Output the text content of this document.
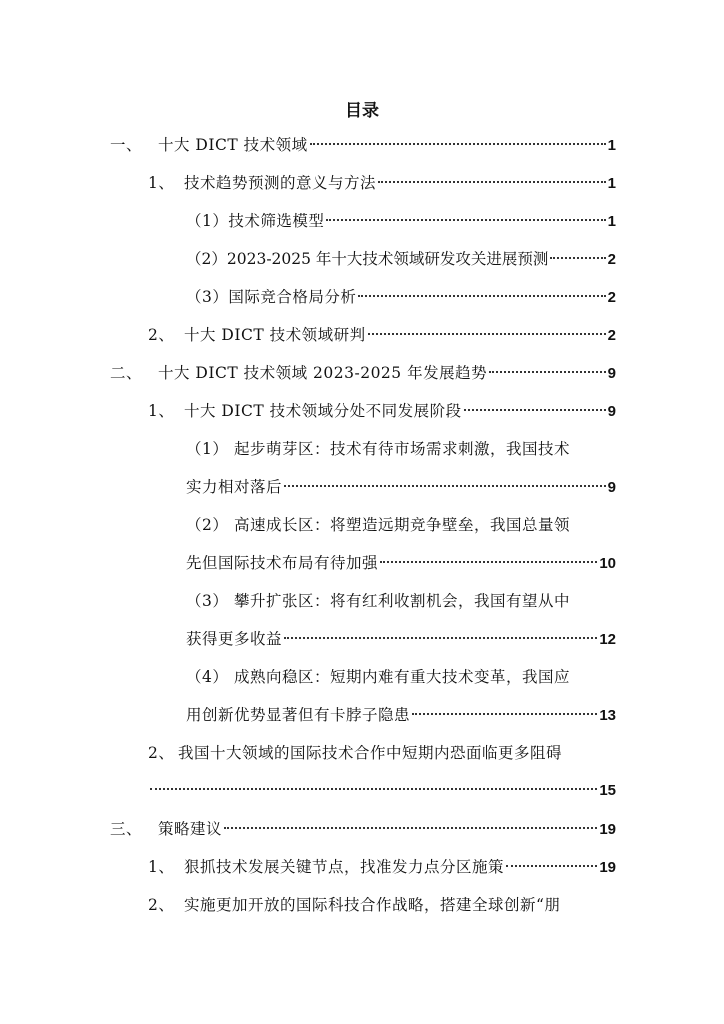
目录
一、 十大 DICT 技术领域	1
1、 技术趋势预测的意义与方法	1
（1）技术筛选模型	1
（2）2023-2025 年十大技术领域研发攻关进展预测	2
（3）国际竞合格局分析	2
2、 十大 DICT 技术领域研判	2
二、 十大 DICT 技术领域 2023-2025 年发展趋势	9
1、 十大 DICT 技术领域分处不同发展阶段	9
（1） 起步萌芽区：技术有待市场需求刺激，我国技术
实力相对落后	9
（2） 高速成长区：将塑造远期竞争壁垒，我国总量领
先但国际技术布局有待加强	10
（3） 攀升扩张区：将有红利收割机会，我国有望从中
获得更多收益	12
（4） 成熟向稳区：短期内难有重大技术变革，我国应
用创新优势显著但有卡脖子隐患	13
2、 我国十大领域的国际技术合作中短期内恐面临更多阻碍
15
三、 策略建议	19
1、 狠抓技术发展关键节点，找准发力点分区施策	19
2、 实施更加开放的国际科技合作战略，搭建全球创新“朋
